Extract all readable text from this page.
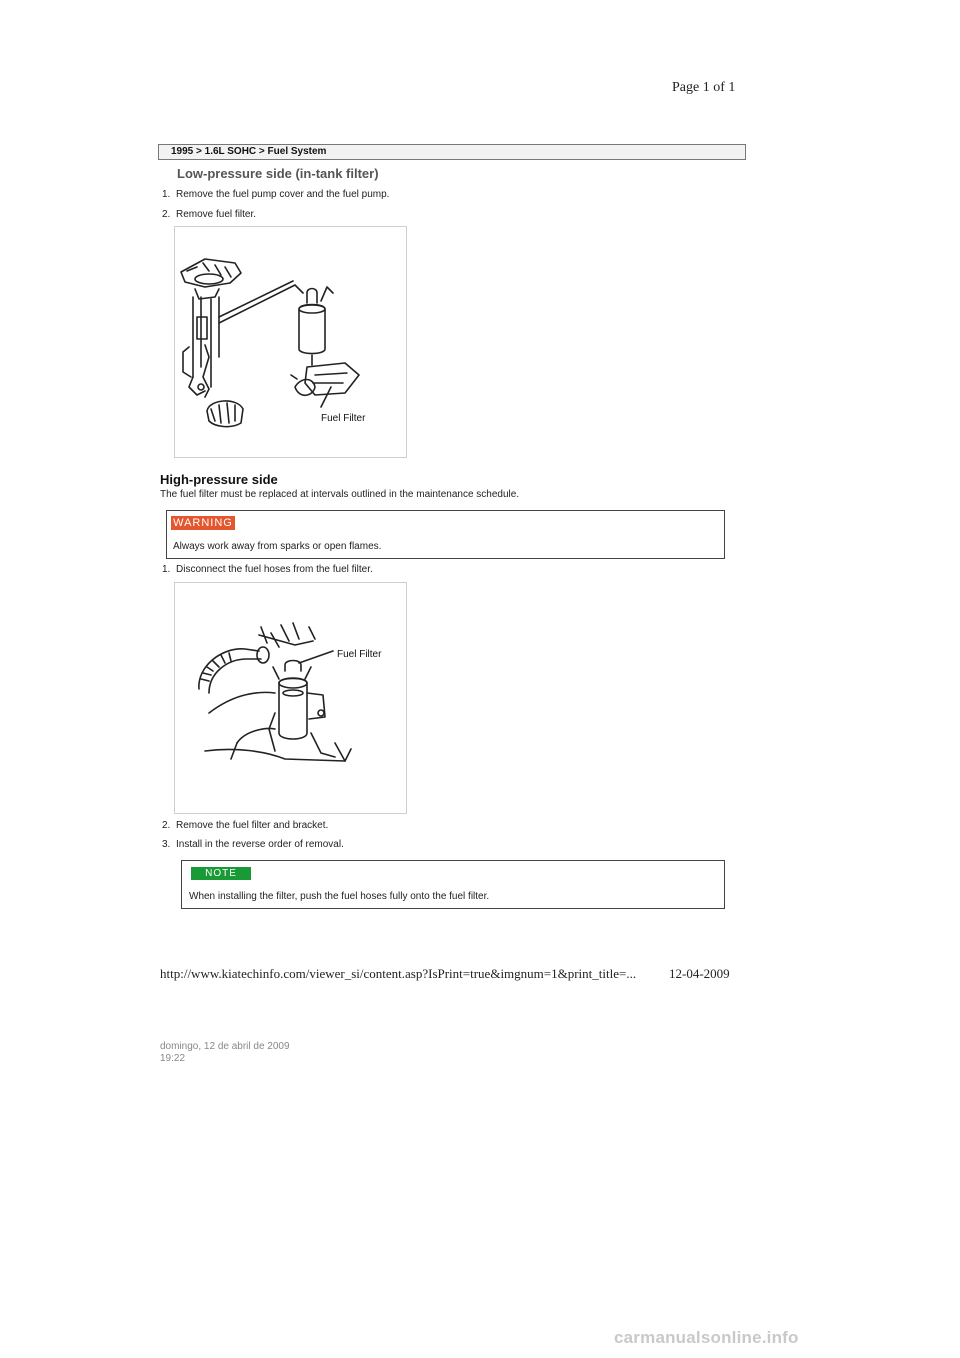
Page 1 of 1
1995 > 1.6L SOHC > Fuel System
Low-pressure side (in-tank filter)
1. Remove the fuel pump cover and the fuel pump.
2. Remove fuel filter.
Fuel Filter
High-pressure side
The fuel filter must be replaced at intervals outlined in the maintenance schedule.
WARNING
Always work away from sparks or open flames.
1. Disconnect the fuel hoses from the fuel filter.
Fuel Filter
2. Remove the fuel filter and bracket.
3. Install in the reverse order of removal.
NOTE
When installing the filter, push the fuel hoses fully onto the fuel filter.
http://www.kiatechinfo.com/viewer_si/content.asp?IsPrint=true&imgnum=1&print_title=...	12-04-2009
domingo, 12 de abril de 2009
19:22
carmanualsonline.info
